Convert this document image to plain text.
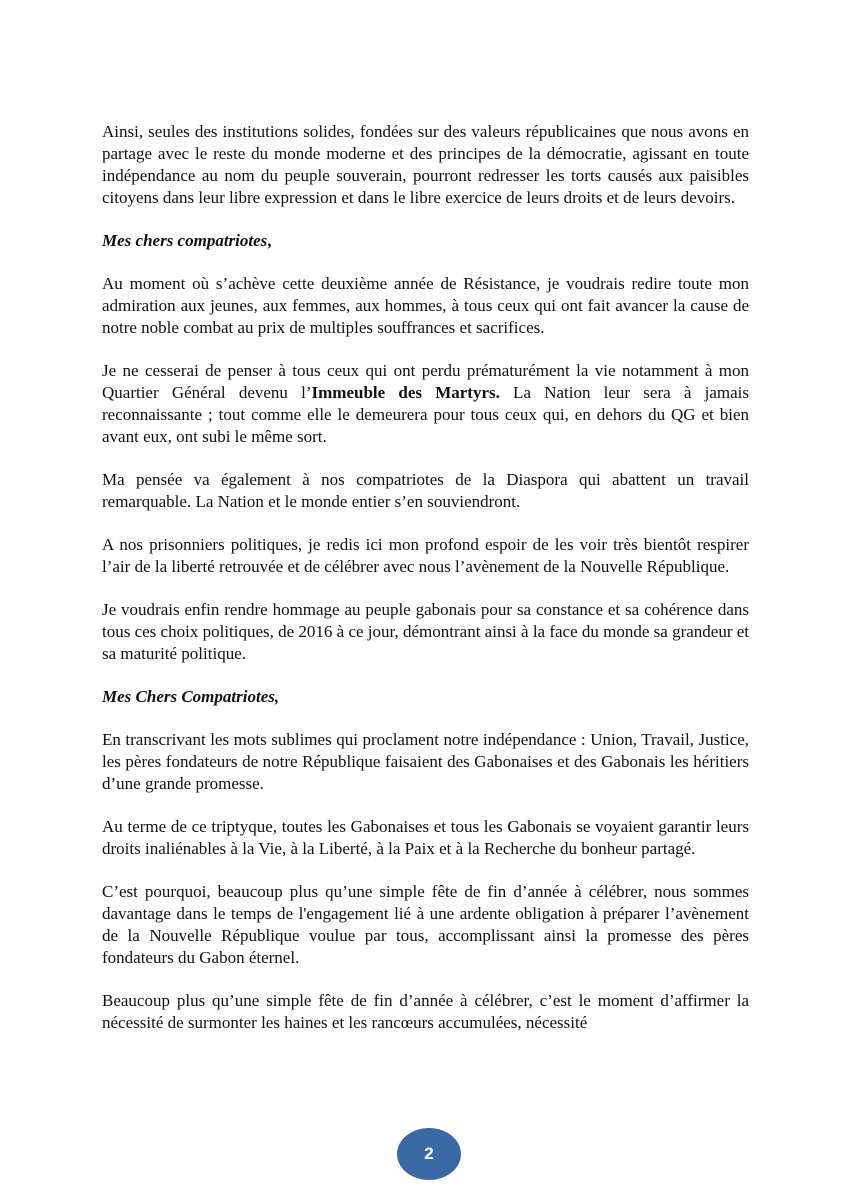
Ainsi, seules des institutions solides, fondées sur des valeurs républicaines que nous avons en partage avec le reste du monde moderne et des principes de la démocratie, agissant en toute indépendance au nom du peuple souverain, pourront redresser les torts causés aux paisibles citoyens dans leur libre expression et dans le libre exercice de leurs droits et de leurs devoirs.

Mes chers compatriotes,

Au moment où s’achève cette deuxième année de Résistance, je voudrais redire toute mon admiration aux jeunes, aux femmes, aux hommes, à tous ceux qui ont fait avancer la cause de notre noble combat au prix de multiples souffrances et sacrifices.

Je ne cesserai de penser à tous ceux qui ont perdu prématurément la vie notamment à mon Quartier Général devenu l’Immeuble des Martyrs. La Nation leur sera à jamais reconnaissante ; tout comme elle le demeurera pour tous ceux qui, en dehors du QG et bien avant eux, ont subi le même sort.

Ma pensée va également à nos compatriotes de la Diaspora qui abattent un travail remarquable. La Nation et le monde entier s’en souviendront.

A nos prisonniers politiques, je redis ici mon profond espoir de les voir très bientôt respirer l’air de la liberté retrouvée et de célébrer avec nous l’avènement de la Nouvelle République.

Je voudrais enfin rendre hommage au peuple gabonais pour sa constance et sa cohérence dans tous ces choix politiques, de 2016 à ce jour, démontrant ainsi à la face du monde sa grandeur et sa maturité politique.

Mes Chers Compatriotes,

En transcrivant les mots sublimes qui proclament notre indépendance : Union, Travail, Justice, les pères fondateurs de notre République faisaient des Gabonaises et des Gabonais les héritiers d’une grande promesse.

Au terme de ce triptyque, toutes les Gabonaises et tous les Gabonais se voyaient garantir leurs droits inaliénables à la Vie, à la Liberté, à la Paix et à la Recherche du bonheur partagé.

C’est pourquoi, beaucoup plus qu’une simple fête de fin d’année à célébrer, nous sommes davantage dans le temps de l'engagement lié à une ardente obligation à préparer l’avènement de la Nouvelle République voulue par tous, accomplissant ainsi la promesse des pères fondateurs du Gabon éternel.

Beaucoup plus qu’une simple fête de fin d’année à célébrer, c’est le moment d’affirmer la nécessité de surmonter les haines et les rancœurs accumulées, nécessité

2
